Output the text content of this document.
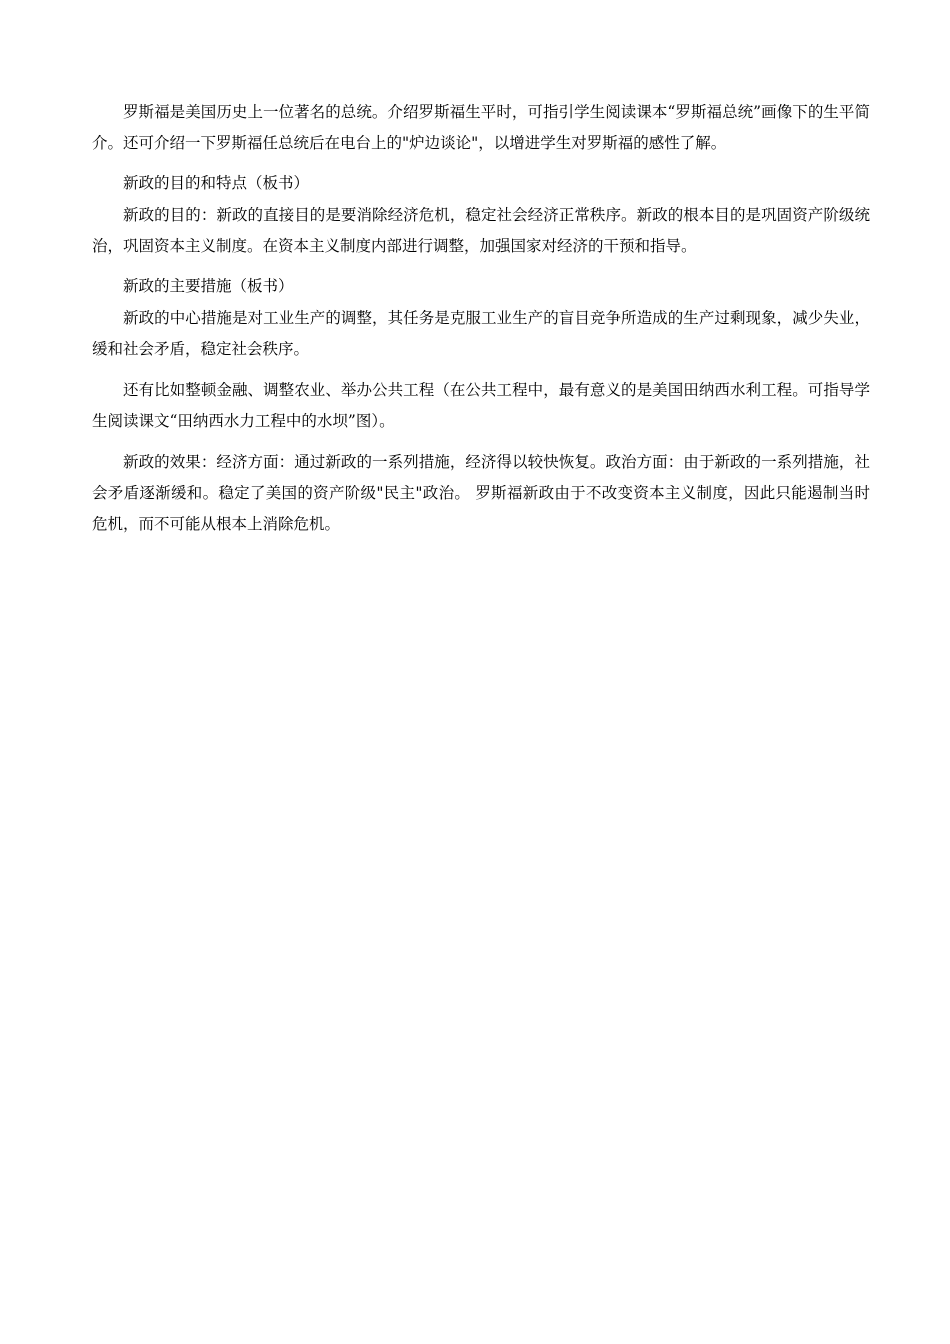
罗斯福是美国历史上一位著名的总统。介绍罗斯福生平时，可指引学生阅读课本“罗斯福总统”画像下的生平简介。还可介绍一下罗斯福任总统后在电台上的"炉边谈论"，以增进学生对罗斯福的感性了解。

新政的目的和特点（板书）

新政的目的：新政的直接目的是要消除经济危机，稳定社会经济正常秩序。新政的根本目的是巩固资产阶级统治，巩固资本主义制度。在资本主义制度内部进行调整，加强国家对经济的干预和指导。

新政的主要措施（板书）

新政的中心措施是对工业生产的调整，其任务是克服工业生产的盲目竞争所造成的生产过剩现象，减少失业，缓和社会矛盾，稳定社会秩序。

还有比如整顿金融、调整农业、举办公共工程（在公共工程中，最有意义的是美国田纳西水利工程。可指导学生阅读课文“田纳西水力工程中的水坝”图）。

新政的效果：经济方面：通过新政的一系列措施，经济得以较快恢复。政治方面：由于新政的一系列措施，社会矛盾逐渐缓和。稳定了美国的资产阶级"民主"政治。 罗斯福新政由于不改变资本主义制度，因此只能遏制当时危机，而不可能从根本上消除危机。
